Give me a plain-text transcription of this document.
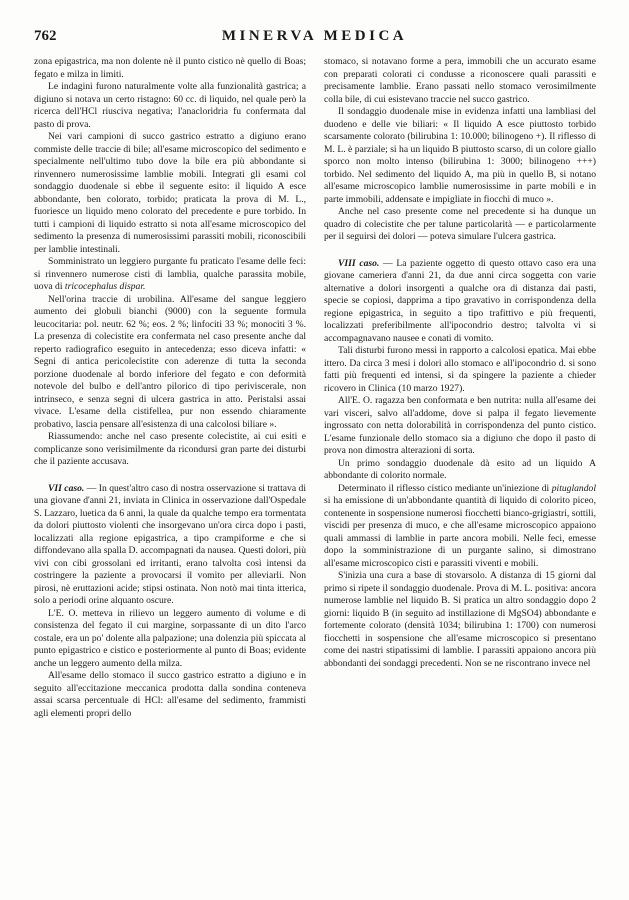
762	MINERVA MEDICA

zona epigastrica, ma non dolente nè il punto cistico nè quello di Boas; fegato e milza in limiti.

Le indagini furono naturalmente volte alla funzionalità gastrica; a digiuno si notava un certo ristagno: 60 cc. di liquido, nel quale però la ricerca dell'HCl riusciva negativa; l'anacloridria fu confermata dal pasto di prova.

Nei vari campioni di succo gastrico estratto a digiuno erano commiste delle traccie di bile; all'esame microscopico del sedimento e specialmente nell'ultimo tubo dove la bile era più abbondante si rinvennero numerosissime lamblie mobili. Integrati gli esami col sondaggio duodenale si ebbe il seguente esito: il liquido A esce abbondante, ben colorato, torbido; praticata la prova di M. L., fuoriesce un liquido meno colorato del precedente e pure torbido. In tutti i campioni di liquido estratto si nota all'esame microscopico del sedimento la presenza di numerosissimi parassiti mobili, riconoscibili per lamblie intestinali.

Somministrato un leggiero purgante fu praticato l'esame delle feci: si rinvennero numerose cisti di lamblia, qualche parassita mobile, uova di tricocephalus dispar.

Nell'orina traccie di urobilina. All'esame del sangue leggiero aumento dei globuli bianchi (9000) con la seguente formula leucocitaria: pol. neutr. 62 %; eos. 2 %; linfociti 33 %; monociti 3 %. La presenza di colecistite era confermata nel caso presente anche dal reperto radiografico eseguito in antecedenza; esso diceva infatti: « Segni di antica pericolecistite con aderenze di tutta la seconda porzione duodenale al bordo inferiore del fegato e con deformità notevole del bulbo e dell'antro pilorico di tipo periviscerale, non intrinseco, e senza segni di ulcera gastrica in atto. Peristalsi assai vivace. L'esame della cistifellea, pur non essendo chiaramente probativo, lascia pensare all'esistenza di una calcolosi biliare ».

Riassumendo: anche nel caso presente colecistite, ai cui esiti e complicanze sono verisimilmente da ricondursi gran parte dei disturbi che il paziente accusava.

VII caso. — In quest'altro caso di nostra osservazione si trattava di una giovane d'anni 21, inviata in Clinica in osservazione dall'Ospedale S. Lazzaro, luetica da 6 anni, la quale da qualche tempo era tormentata da dolori piuttosto violenti che insorgevano un'ora circa dopo i pasti, localizzati alla regione epigastrica, a tipo crampiforme e che si diffondevano alla spalla D. accompagnati da nausea. Questi dolori, più vivi con cibi grossolani ed irritanti, erano talvolta così intensi da costringere la paziente a provocarsi il vomito per alleviarli. Non pirosi, nè eruttazioni acide; stipsi ostinata. Non notò mai tinta itterica, solo a periodi orine alquanto oscure.

L'E. O. metteva in rilievo un leggero aumento di volume e di consistenza del fegato il cui margine, sorpassante di un dito l'arco costale, era un po' dolente alla palpazione; una dolenzia più spiccata al punto epigastrico e cistico e posteriormente al punto di Boas; evidente anche un leggero aumento della milza.

All'esame dello stomaco il succo gastrico estratto a digiuno e in seguito all'eccitazione meccanica prodotta dalla sondina conteneva assai scarsa percentuale di HCl: all'esame del sedimento, frammisti agli elementi propri dello

stomaco, si notavano forme a pera, immobili che un accurato esame con preparati colorati ci condusse a riconoscere quali parassiti e precisamente lamblie. Erano passati nello stomaco verosimilmente colla bile, di cui esistevano traccie nel succo gastrico.

Il sondaggio duodenale mise in evidenza infatti una lambliasi del duodeno e delle vie biliari: « Il liquido A esce piuttosto torbido scarsamente colorato (bilirubina 1: 10.000; bilinogeno +). Il riflesso di M. L. è parziale; si ha un liquido B piuttosto scarso, di un colore giallo sporco non molto intenso (bilirubina 1: 3000; bilinogeno +++) torbido. Nel sedimento del liquido A, ma più in quello B, si notano all'esame microscopico lamblie numerosissime in parte mobili e in parte immobili, addensate e impigliate in fiocchi di muco ».

Anche nel caso presente come nel precedente si ha dunque un quadro di colecistite che per talune particolarità — e particolarmente per il seguirsi dei dolori — poteva simulare l'ulcera gastrica.

VIII caso. — La paziente oggetto di questo ottavo caso era una giovane cameriera d'anni 21, da due anni circa soggetta con varie alternative a dolori insorgenti a qualche ora di distanza dai pasti, specie se copiosi, dapprima a tipo gravativo in corrispondenza della regione epigastrica, in seguito a tipo trafittivo e più frequenti, localizzati preferibilmente all'ipocondrio destro; talvolta vi si accompagnavano nausee e conati di vomito.

Tali disturbi furono messi in rapporto a calcolosi epatica. Mai ebbe ittero. Da circa 3 mesi i dolori allo stomaco e all'ipocondrio d. si sono fatti più frequenti ed intensi, sì da spingere la paziente a chieder ricovero in Clinica (10 marzo 1927).

All'E. O. ragazza ben conformata e ben nutrita: nulla all'esame dei vari visceri, salvo all'addome, dove si palpa il fegato lievemente ingrossato con netta dolorabilità in corrispondenza del punto cistico. L'esame funzionale dello stomaco sia a digiuno che dopo il pasto di prova non dimostra alterazioni di sorta.

Un primo sondaggio duodenale dà esito ad un liquido A abbondante di colorito normale.

Determinato il riflesso cistico mediante un'iniezione di pituglandol si ha emissione di un'abbondante quantità di liquido di colorito piceo, contenente in sospensione numerosi fiocchetti bianco-grigiastri, sottili, viscidi per presenza di muco, e che all'esame microscopico appaiono quali ammassi di lamblie in parte ancora mobili. Nelle feci, emesse dopo la somministrazione di un purgante salino, si dimostrano all'esame microscopico cisti e parassiti viventi e mobili.

S'inizia una cura a base di stovarsolo. A distanza di 15 giorni dal primo si ripete il sondaggio duodenale. Prova di M. L. positiva: ancora numerose lamblie nel liquido B. Si pratica un altro sondaggio dopo 2 giorni: liquido B (in seguito ad instillazione di MgSO4) abbondante e fortemente colorato (densità 1034; bilirubina 1: 1700) con numerosi fiocchetti in sospensione che all'esame microscopico si presentano come dei nastri stipatissimi di lamblie. I parassiti appaiono ancora più abbondanti dei sondaggi precedenti. Non se ne riscontrano invece nel
